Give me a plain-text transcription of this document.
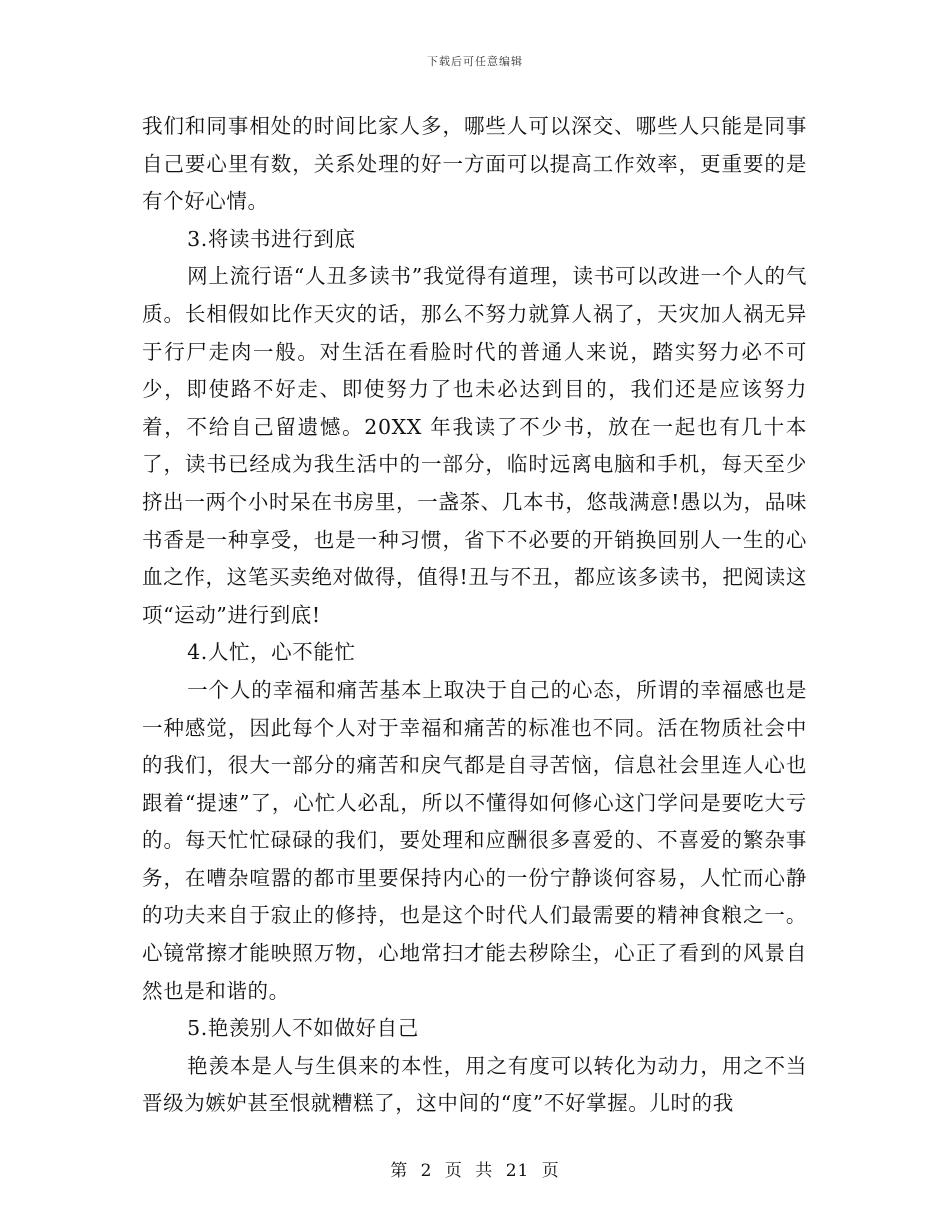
下载后可任意编辑

我们和同事相处的时间比家人多，哪些人可以深交、哪些人只能是同事自己要心里有数，关系处理的好一方面可以提高工作效率，更重要的是有个好心情。

3.将读书进行到底

网上流行语“人丑多读书”我觉得有道理，读书可以改进一个人的气质。长相假如比作天灾的话，那么不努力就算人祸了，天灾加人祸无异于行尸走肉一般。对生活在看脸时代的普通人来说，踏实努力必不可少，即使路不好走、即使努力了也未必达到目的，我们还是应该努力着，不给自己留遗憾。20XX 年我读了不少书，放在一起也有几十本了，读书已经成为我生活中的一部分，临时远离电脑和手机，每天至少挤出一两个小时呆在书房里，一盏茶、几本书，悠哉满意!愚以为，品味书香是一种享受，也是一种习惯，省下不必要的开销换回别人一生的心血之作，这笔买卖绝对做得，值得!丑与不丑，都应该多读书，把阅读这项“运动”进行到底!

4.人忙，心不能忙

一个人的幸福和痛苦基本上取决于自己的心态，所谓的幸福感也是一种感觉，因此每个人对于幸福和痛苦的标准也不同。活在物质社会中的我们，很大一部分的痛苦和戾气都是自寻苦恼，信息社会里连人心也跟着“提速”了，心忙人必乱，所以不懂得如何修心这门学问是要吃大亏的。每天忙忙碌碌的我们，要处理和应酬很多喜爱的、不喜爱的繁杂事务，在嘈杂喧嚣的都市里要保持内心的一份宁静谈何容易，人忙而心静的功夫来自于寂止的修持，也是这个时代人们最需要的精神食粮之一。心镜常擦才能映照万物，心地常扫才能去秽除尘，心正了看到的风景自然也是和谐的。

5.艳羡别人不如做好自己

艳羡本是人与生俱来的本性，用之有度可以转化为动力，用之不当晋级为嫉妒甚至恨就糟糕了，这中间的“度”不好掌握。儿时的我

第 2 页 共 21 页
